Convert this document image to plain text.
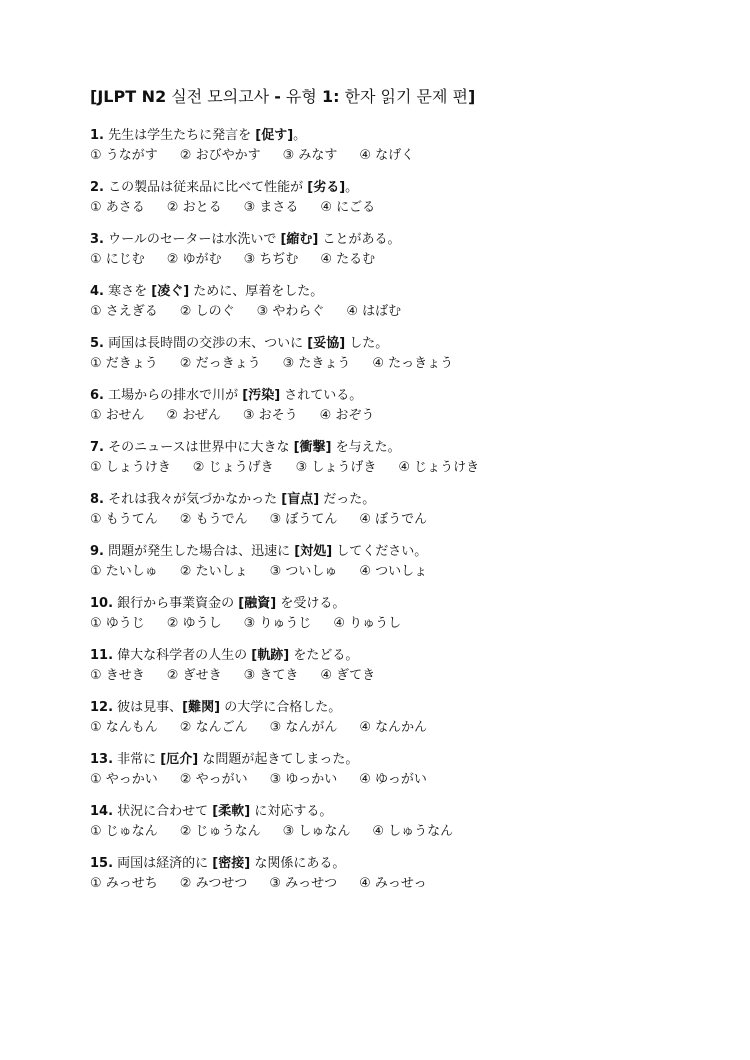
[JLPT N2 실전 모의고사 - 유형 1: 한자 읽기 문제 편]
1. 先生は学生たちに発言を [促す]。
① うながす ② おびやかす ③ みなす ④ なげく
2. この製品は従来品に比べて性能が [劣る]。
① あさる ② おとる ③ まさる ④ にごる
3. ウールのセーターは水洗いで [縮む] ことがある。
① にじむ ② ゆがむ ③ ちぢむ ④ たるむ
4. 寒さを [凌ぐ] ために、厚着をした。
① さえぎる ② しのぐ ③ やわらぐ ④ はばむ
5. 両国は長時間の交渉の末、ついに [妥協] した。
① だきょう ② だっきょう ③ たきょう ④ たっきょう
6. 工場からの排水で川が [汚染] されている。
① おせん ② おぜん ③ おそう ④ おぞう
7. そのニュースは世界中に大きな [衝撃] を与えた。
① しょうけき ② じょうげき ③ しょうげき ④ じょうけき
8. それは我々が気づかなかった [盲点] だった。
① もうてん ② もうでん ③ ぼうてん ④ ぼうでん
9. 問題が発生した場合は、迅速に [対処] してください。
① たいしゅ ② たいしょ ③ ついしゅ ④ ついしょ
10. 銀行から事業資金の [融資] を受ける。
① ゆうじ ② ゆうし ③ りゅうじ ④ りゅうし
11. 偉大な科学者の人生の [軌跡] をたどる。
① きせき ② ぎせき ③ きてき ④ ぎてき
12. 彼は見事、[難関] の大学に合格した。
① なんもん ② なんごん ③ なんがん ④ なんかん
13. 非常に [厄介] な問題が起きてしまった。
① やっかい ② やっがい ③ ゆっかい ④ ゆっがい
14. 状況に合わせて [柔軟] に対応する。
① じゅなん ② じゅうなん ③ しゅなん ④ しゅうなん
15. 両国は経済的に [密接] な関係にある。
① みっせち ② みつせつ ③ みっせつ ④ みっせっ
